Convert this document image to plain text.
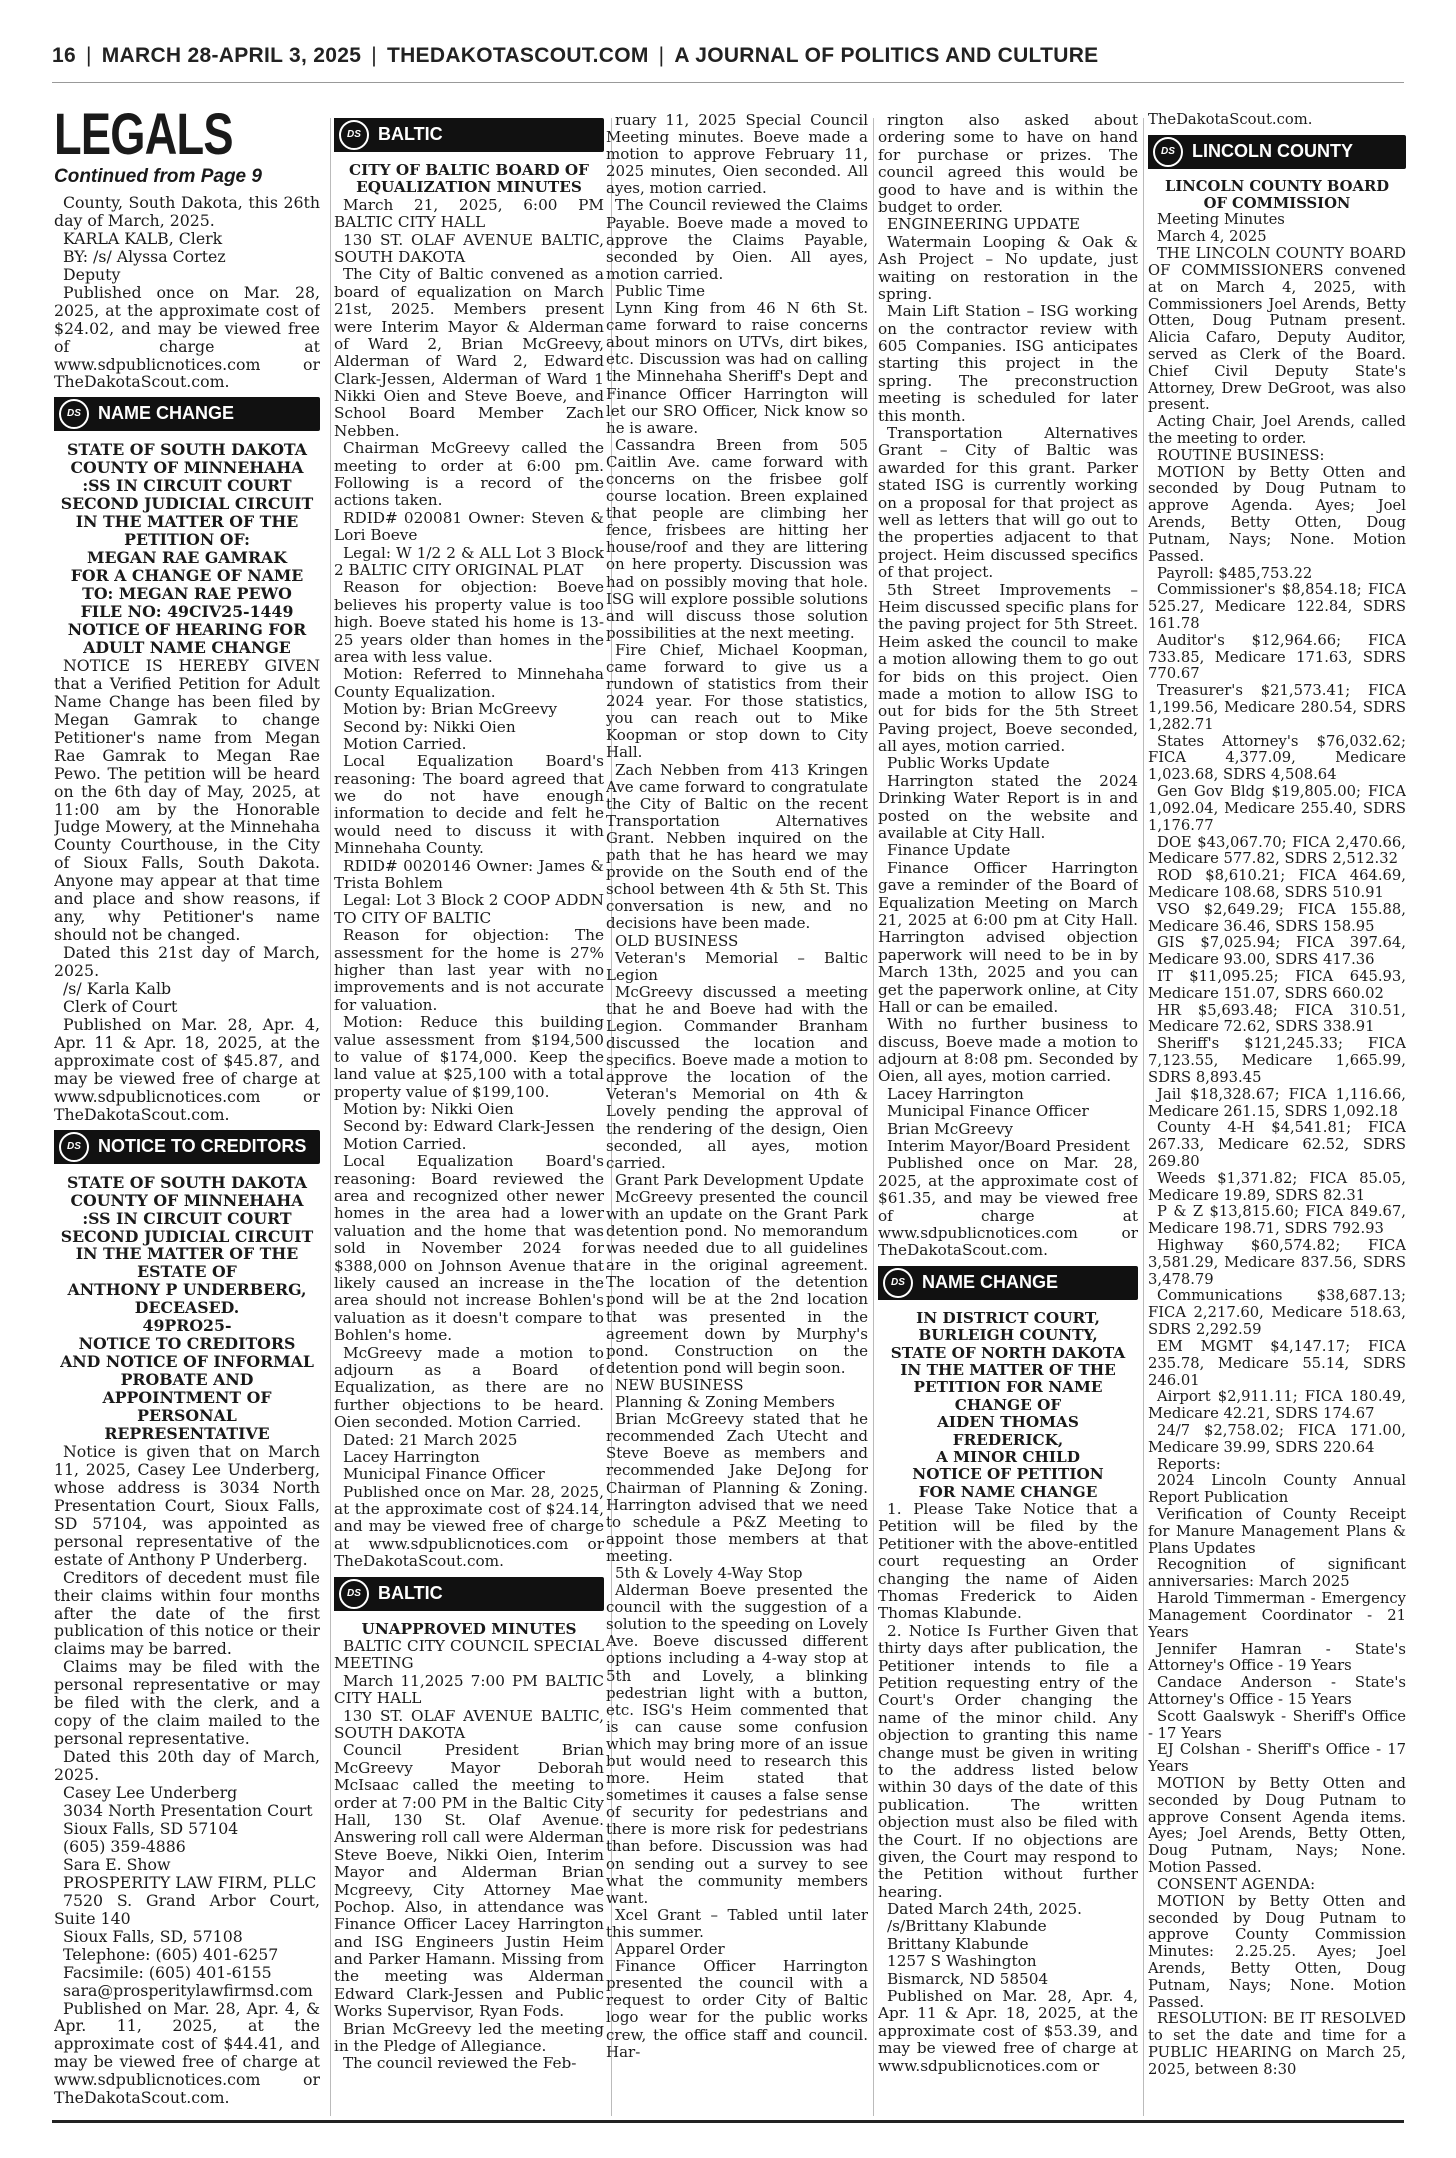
16 | MARCH 28-APRIL 3, 2025 | THEDAKOTASCOUT.COM | A JOURNAL OF POLITICS AND CULTURE
LEGALS
Continued from Page 9

County, South Dakota, this 26th day of March, 2025.

KARLA KALB, Clerk

BY: /s/ Alyssa Cortez

Deputy

Published once on Mar. 28, 2025, at the approximate cost of $24.02, and may be viewed free of charge at www.sdpublicnotices.com or TheDakotaScout.com.

DS NAME CHANGE

STATE OF SOUTH DAKOTA
COUNTY OF MINNEHAHA
:SS IN CIRCUIT COURT
SECOND JUDICIAL CIRCUIT
IN THE MATTER OF THE
PETITION OF:
MEGAN RAE GAMRAK
FOR A CHANGE OF NAME
TO: MEGAN RAE PEWO
FILE NO: 49CIV25-1449
NOTICE OF HEARING FOR
ADULT NAME CHANGE

NOTICE IS HEREBY GIVEN that a Verified Petition for Adult Name Change has been filed by Megan Gamrak to change Petitioner's name from Megan Rae Gamrak to Megan Rae Pewo. The petition will be heard on the 6th day of May, 2025, at 11:00 am by the Honorable Judge Mowery, at the Minnehaha County Courthouse, in the City of Sioux Falls, South Dakota. Anyone may appear at that time and place and show reasons, if any, why Petitioner's name should not be changed.

Dated this 21st day of March, 2025.

/s/ Karla Kalb

Clerk of Court

Published on Mar. 28, Apr. 4, Apr. 11 & Apr. 18, 2025, at the approximate cost of $45.87, and may be viewed free of charge at www.sdpublicnotices.com or TheDakotaScout.com.

DS NOTICE TO CREDITORS

STATE OF SOUTH DAKOTA
COUNTY OF MINNEHAHA
:SS IN CIRCUIT COURT
SECOND JUDICIAL CIRCUIT
IN THE MATTER OF THE
ESTATE OF
ANTHONY P UNDERBERG,
DECEASED.
49PRO25-
NOTICE TO CREDITORS
AND NOTICE OF INFORMAL
PROBATE AND
APPOINTMENT OF
PERSONAL
REPRESENTATIVE

Notice is given that on March 11, 2025, Casey Lee Underberg, whose address is 3034 North Presentation Court, Sioux Falls, SD 57104, was appointed as personal representative of the estate of Anthony P Underberg.

Creditors of decedent must file their claims within four months after the date of the first publication of this notice or their claims may be barred.

Claims may be filed with the personal representative or may be filed with the clerk, and a copy of the claim mailed to the personal representative.

Dated this 20th day of March, 2025.

Casey Lee Underberg

3034 North Presentation Court

Sioux Falls, SD 57104

(605) 359-4886

Sara E. Show

PROSPERITY LAW FIRM, PLLC

7520 S. Grand Arbor Court, Suite 140

Sioux Falls, SD, 57108

Telephone: (605) 401-6257

Facsimile: (605) 401-6155

sara@prosperitylawfirmsd.com

Published on Mar. 28, Apr. 4, & Apr. 11, 2025, at the approximate cost of $44.41, and may be viewed free of charge at www.sdpublicnotices.com or TheDakotaScout.com.

DS BALTIC

CITY OF BALTIC BOARD OF EQUALIZATION MINUTES

March 21, 2025, 6:00 PM BALTIC CITY HALL

130 ST. OLAF AVENUE BALTIC, SOUTH DAKOTA

The City of Baltic convened as a board of equalization on March 21st, 2025. Members present were Interim Mayor & Alderman of Ward 2, Brian McGreevy, Alderman of Ward 2, Edward Clark-Jessen, Alderman of Ward 1 Nikki Oien and Steve Boeve, and School Board Member Zach Nebben.

Chairman McGreevy called the meeting to order at 6:00 pm. Following is a record of the actions taken.

RDID# 020081 Owner: Steven & Lori Boeve

Legal: W 1/2 2 & ALL Lot 3 Block 2 BALTIC CITY ORIGINAL PLAT

Reason for objection: Boeve believes his property value is too high. Boeve stated his home is 13-25 years older than homes in the area with less value.

Motion: Referred to Minnehaha County Equalization.

Motion by: Brian McGreevy

Second by: Nikki Oien

Motion Carried.

Local Equalization Board's reasoning: The board agreed that we do not have enough information to decide and felt he would need to discuss it with Minnehaha County.

RDID# 0020146 Owner: James & Trista Bohlem

Legal: Lot 3 Block 2 COOP ADDN TO CITY OF BALTIC

Reason for objection: The assessment for the home is 27% higher than last year with no improvements and is not accurate for valuation.

Motion: Reduce this building value assessment from $194,500 to value of $174,000. Keep the land value at $25,100 with a total property value of $199,100.

Motion by: Nikki Oien

Second by: Edward Clark-Jessen

Motion Carried.

Local Equalization Board's reasoning: Board reviewed the area and recognized other newer homes in the area had a lower valuation and the home that was sold in November 2024 for $388,000 on Johnson Avenue that likely caused an increase in the area should not increase Bohlen's valuation as it doesn't compare to Bohlen's home.

McGreevy made a motion to adjourn as a Board of Equalization, as there are no further objections to be heard. Oien seconded. Motion Carried.

Dated: 21 March 2025

Lacey Harrington

Municipal Finance Officer

Published once on Mar. 28, 2025, at the approximate cost of $24.14, and may be viewed free of charge at www.sdpublicnotices.com or TheDakotaScout.com.

DS BALTIC

UNAPPROVED MINUTES

BALTIC CITY COUNCIL SPECIAL MEETING

March 11,2025 7:00 PM BALTIC CITY HALL

130 ST. OLAF AVENUE BALTIC, SOUTH DAKOTA

Council President Brian McGreevy Mayor Deborah McIsaac called the meeting to order at 7:00 PM in the Baltic City Hall, 130 St. Olaf Avenue. Answering roll call were Alderman Steve Boeve, Nikki Oien, Interim Mayor and Alderman Brian Mcgreevy, City Attorney Mae Pochop. Also, in attendance was Finance Officer Lacey Harrington and ISG Engineers Justin Heim and Parker Hamann. Missing from the meeting was Alderman Edward Clark-Jessen and Public Works Supervisor, Ryan Fods.

Brian McGreevy led the meeting in the Pledge of Allegiance.

The council reviewed the Feb-

ruary 11, 2025 Special Council Meeting minutes. Boeve made a motion to approve February 11, 2025 minutes, Oien seconded. All ayes, motion carried.

The Council reviewed the Claims Payable. Boeve made a moved to approve the Claims Payable, seconded by Oien. All ayes, motion carried.

Public Time

Lynn King from 46 N 6th St. came forward to raise concerns about minors on UTVs, dirt bikes, etc. Discussion was had on calling the Minnehaha Sheriff's Dept and Finance Officer Harrington will let our SRO Officer, Nick know so he is aware.

Cassandra Breen from 505 Caitlin Ave. came forward with concerns on the frisbee golf course location. Breen explained that people are climbing her fence, frisbees are hitting her house/roof and they are littering on here property. Discussion was had on possibly moving that hole. ISG will explore possible solutions and will discuss those solution possibilities at the next meeting.

Fire Chief, Michael Koopman, came forward to give us a rundown of statistics from their 2024 year. For those statistics, you can reach out to Mike Koopman or stop down to City Hall.

Zach Nebben from 413 Kringen Ave came forward to congratulate the City of Baltic on the recent Transportation Alternatives Grant. Nebben inquired on the path that he has heard we may provide on the South end of the school between 4th & 5th St. This conversation is new, and no decisions have been made.

OLD BUSINESS

Veteran's Memorial – Baltic Legion

McGreevy discussed a meeting that he and Boeve had with the Legion. Commander Branham discussed the location and specifics. Boeve made a motion to approve the location of the Veteran's Memorial on 4th & Lovely pending the approval of the rendering of the design, Oien seconded, all ayes, motion carried.

Grant Park Development Update

McGreevy presented the council with an update on the Grant Park detention pond. No memorandum was needed due to all guidelines are in the original agreement. The location of the detention pond will be at the 2nd location that was presented in the agreement down by Murphy's pond. Construction on the detention pond will begin soon.

NEW BUSINESS

Planning & Zoning Members

Brian McGreevy stated that he recommended Zach Utecht and Steve Boeve as members and recommended Jake DeJong for Chairman of Planning & Zoning. Harrington advised that we need to schedule a P&Z Meeting to appoint those members at that meeting.

5th & Lovely 4-Way Stop

Alderman Boeve presented the council with the suggestion of a solution to the speeding on Lovely Ave. Boeve discussed different options including a 4-way stop at 5th and Lovely, a blinking pedestrian light with a button, etc. ISG's Heim commented that is can cause some confusion which may bring more of an issue but would need to research this more. Heim stated that sometimes it causes a false sense of security for pedestrians and there is more risk for pedestrians than before. Discussion was had on sending out a survey to see what the community members want.

Xcel Grant – Tabled until later this summer.

Apparel Order

Finance Officer Harrington presented the council with a request to order City of Baltic logo wear for the public works crew, the office staff and council. Har-

rington also asked about ordering some to have on hand for purchase or prizes. The council agreed this would be good to have and is within the budget to order.

ENGINEERING UPDATE

Watermain Looping & Oak & Ash Project – No update, just waiting on restoration in the spring.

Main Lift Station – ISG working on the contractor review with 605 Companies. ISG anticipates starting this project in the spring. The preconstruction meeting is scheduled for later this month.

Transportation Alternatives Grant – City of Baltic was awarded for this grant. Parker stated ISG is currently working on a proposal for that project as well as letters that will go out to the properties adjacent to that project. Heim discussed specifics of that project.

5th Street Improvements – Heim discussed specific plans for the paving project for 5th Street. Heim asked the council to make a motion allowing them to go out for bids on this project. Oien made a motion to allow ISG to out for bids for the 5th Street Paving project, Boeve seconded, all ayes, motion carried.

Public Works Update

Harrington stated the 2024 Drinking Water Report is in and posted on the website and available at City Hall.

Finance Update

Finance Officer Harrington gave a reminder of the Board of Equalization Meeting on March 21, 2025 at 6:00 pm at City Hall. Harrington advised objection paperwork will need to be in by March 13th, 2025 and you can get the paperwork online, at City Hall or can be emailed.

With no further business to discuss, Boeve made a motion to adjourn at 8:08 pm. Seconded by Oien, all ayes, motion carried.

Lacey Harrington

Municipal Finance Officer

Brian McGreevy

Interim Mayor/Board President

Published once on Mar. 28, 2025, at the approximate cost of $61.35, and may be viewed free of charge at www.sdpublicnotices.com or TheDakotaScout.com.

DS NAME CHANGE

IN DISTRICT COURT,
BURLEIGH COUNTY,
STATE OF NORTH DAKOTA
IN THE MATTER OF THE
PETITION FOR NAME
CHANGE OF
AIDEN THOMAS
FREDERICK,
A MINOR CHILD
NOTICE OF PETITION
FOR NAME CHANGE

1. Please Take Notice that a Petition will be filed by the Petitioner with the above-entitled court requesting an Order changing the name of Aiden Thomas Frederick to Aiden Thomas Klabunde.

2. Notice Is Further Given that thirty days after publication, the Petitioner intends to file a Petition requesting entry of the Court's Order changing the name of the minor child. Any objection to granting this name change must be given in writing to the address listed below within 30 days of the date of this publication. The written objection must also be filed with the Court. If no objections are given, the Court may respond to the Petition without further hearing.

Dated March 24th, 2025.

/s/Brittany Klabunde

Brittany Klabunde

1257 S Washington

Bismarck, ND 58504

Published on Mar. 28, Apr. 4, Apr. 11 & Apr. 18, 2025, at the approximate cost of $53.39, and may be viewed free of charge at www.sdpublicnotices.com or

TheDakotaScout.com.

DS LINCOLN COUNTY

LINCOLN COUNTY BOARD
OF COMMISSION

Meeting Minutes

March 4, 2025

THE LINCOLN COUNTY BOARD OF COMMISSIONERS convened at on March 4, 2025, with Commissioners Joel Arends, Betty Otten, Doug Putnam present. Alicia Cafaro, Deputy Auditor, served as Clerk of the Board. Chief Civil Deputy State's Attorney, Drew DeGroot, was also present.

Acting Chair, Joel Arends, called the meeting to order.

ROUTINE BUSINESS:

MOTION by Betty Otten and seconded by Doug Putnam to approve Agenda. Ayes; Joel Arends, Betty Otten, Doug Putnam, Nays; None. Motion Passed.

Payroll: $485,753.22

Commissioner's $8,854.18; FICA 525.27, Medicare 122.84, SDRS 161.78

Auditor's $12,964.66; FICA 733.85, Medicare 171.63, SDRS 770.67

Treasurer's $21,573.41; FICA 1,199.56, Medicare 280.54, SDRS 1,282.71

States Attorney's $76,032.62; FICA 4,377.09, Medicare 1,023.68, SDRS 4,508.64

Gen Gov Bldg $19,805.00; FICA 1,092.04, Medicare 255.40, SDRS 1,176.77

DOE $43,067.70; FICA 2,470.66, Medicare 577.82, SDRS 2,512.32

ROD $8,610.21; FICA 464.69, Medicare 108.68, SDRS 510.91

VSO $2,649.29; FICA 155.88, Medicare 36.46, SDRS 158.95

GIS $7,025.94; FICA 397.64, Medicare 93.00, SDRS 417.36

IT $11,095.25; FICA 645.93, Medicare 151.07, SDRS 660.02

HR $5,693.48; FICA 310.51, Medicare 72.62, SDRS 338.91

Sheriff's $121,245.33; FICA 7,123.55, Medicare 1,665.99, SDRS 8,893.45

Jail $18,328.67; FICA 1,116.66, Medicare 261.15, SDRS 1,092.18

County 4-H $4,541.81; FICA 267.33, Medicare 62.52, SDRS 269.80

Weeds $1,371.82; FICA 85.05, Medicare 19.89, SDRS 82.31

P & Z $13,815.60; FICA 849.67, Medicare 198.71, SDRS 792.93

Highway $60,574.82; FICA 3,581.29, Medicare 837.56, SDRS 3,478.79

Communications $38,687.13; FICA 2,217.60, Medicare 518.63, SDRS 2,292.59

EM MGMT $4,147.17; FICA 235.78, Medicare 55.14, SDRS 246.01

Airport $2,911.11; FICA 180.49, Medicare 42.21, SDRS 174.67

24/7 $2,758.02; FICA 171.00, Medicare 39.99, SDRS 220.64

Reports:

2024 Lincoln County Annual Report Publication

Verification of County Receipt for Manure Management Plans & Plans Updates

Recognition of significant anniversaries: March 2025

Harold Timmerman - Emergency Management Coordinator - 21 Years

Jennifer Hamran - State's Attorney's Office - 19 Years

Candace Anderson - State's Attorney's Office - 15 Years

Scott Gaalswyk - Sheriff's Office - 17 Years

EJ Colshan - Sheriff's Office - 17 Years

MOTION by Betty Otten and seconded by Doug Putnam to approve Consent Agenda items. Ayes; Joel Arends, Betty Otten, Doug Putnam, Nays; None. Motion Passed.

CONSENT AGENDA:

MOTION by Betty Otten and seconded by Doug Putnam to approve County Commission Minutes: 2.25.25. Ayes; Joel Arends, Betty Otten, Doug Putnam, Nays; None. Motion Passed.

RESOLUTION: BE IT RESOLVED to set the date and time for a PUBLIC HEARING on March 25, 2025, between 8:30
